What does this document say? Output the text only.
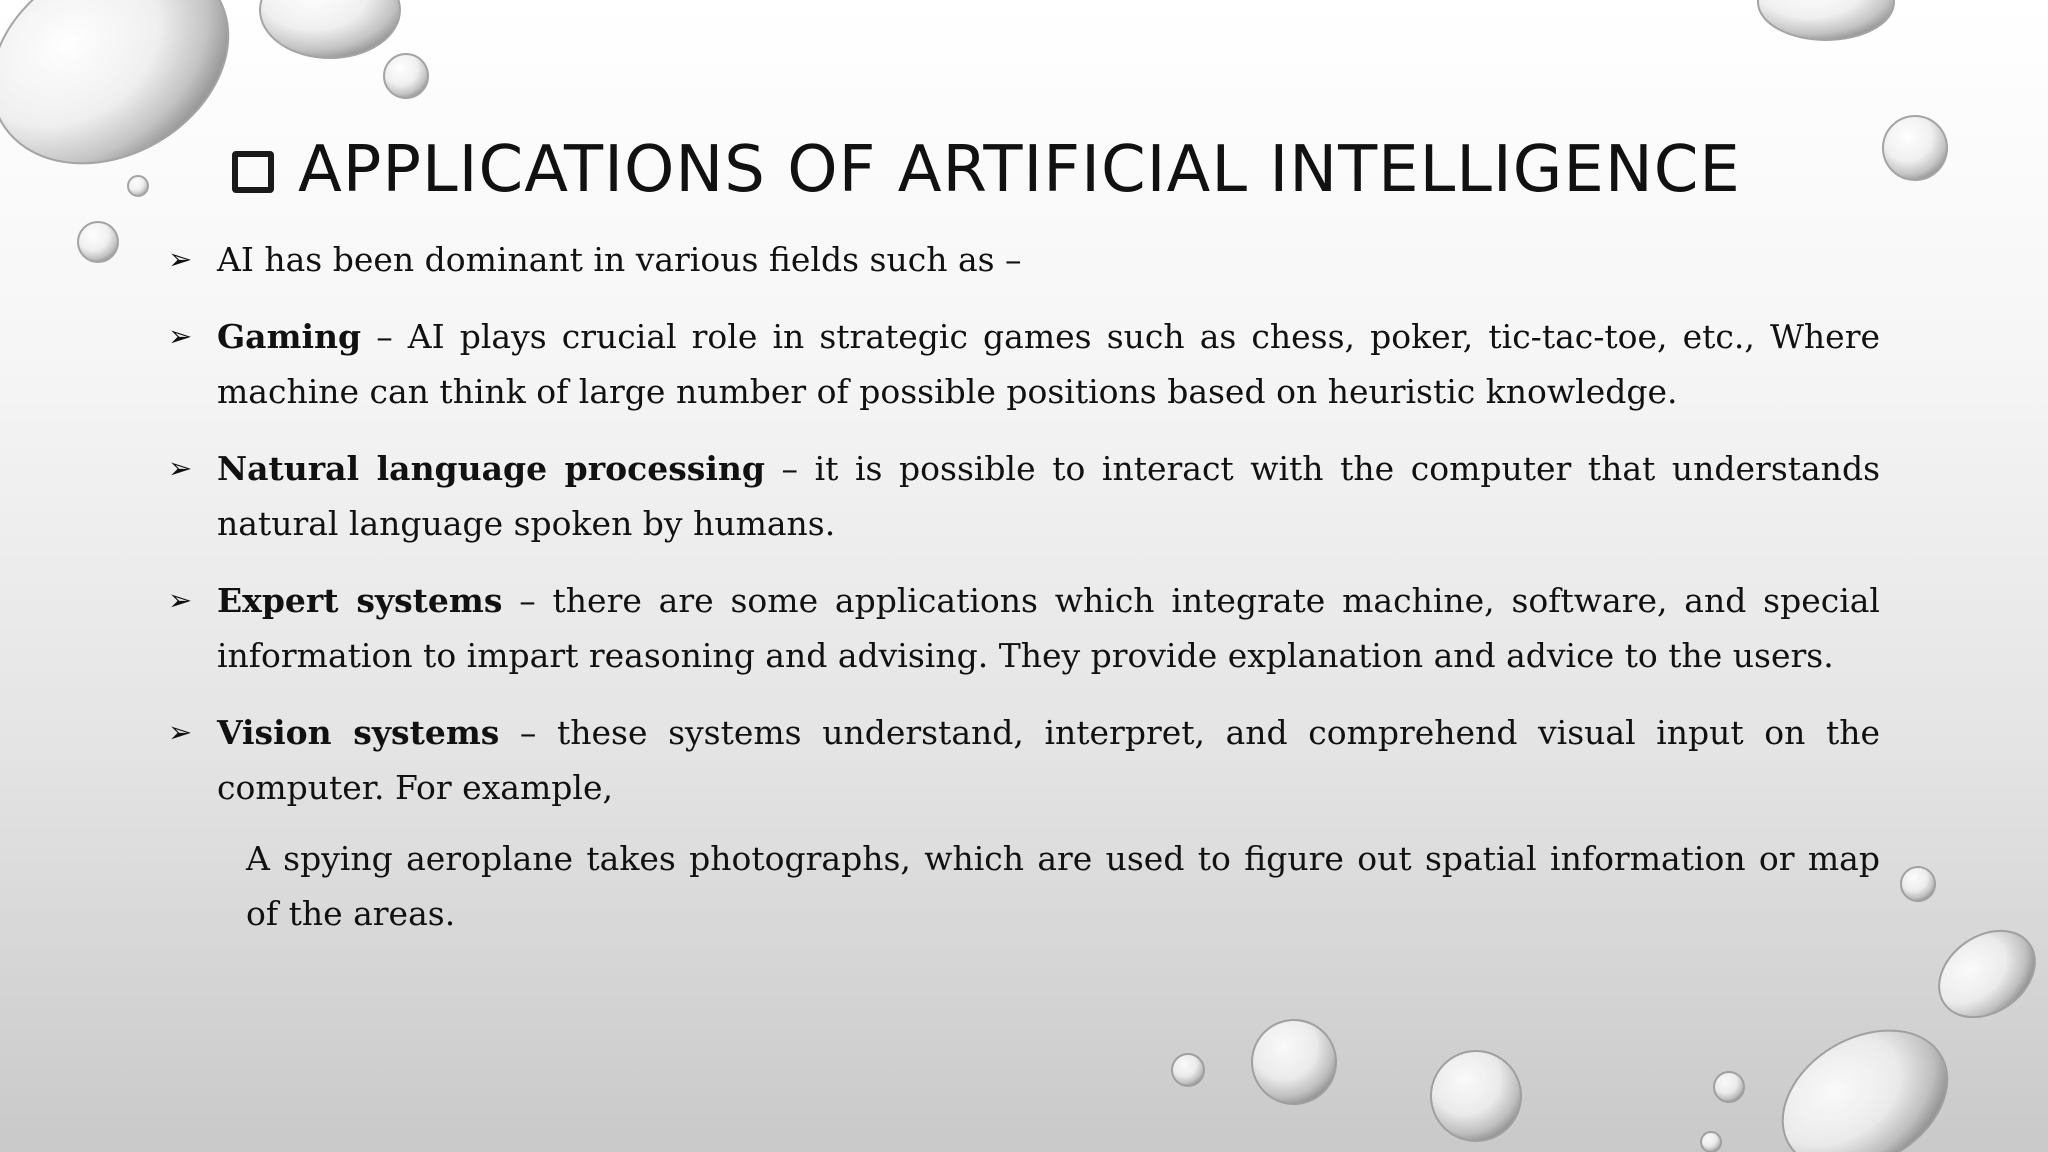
APPLICATIONS OF ARTIFICIAL INTELLIGENCE
➢ AI has been dominant in various fields such as –
➢ Gaming – AI plays crucial role in strategic games such as chess, poker, tic-tac-toe, etc., Where machine can think of large number of possible positions based on heuristic knowledge.
➢ Natural language processing – it is possible to interact with the computer that understands natural language spoken by humans.
➢ Expert systems – there are some applications which integrate machine, software, and special information to impart reasoning and advising. They provide explanation and advice to the users.
➢ Vision systems – these systems understand, interpret, and comprehend visual input on the computer. For example,
A spying aeroplane takes photographs, which are used to figure out spatial information or map of the areas.
